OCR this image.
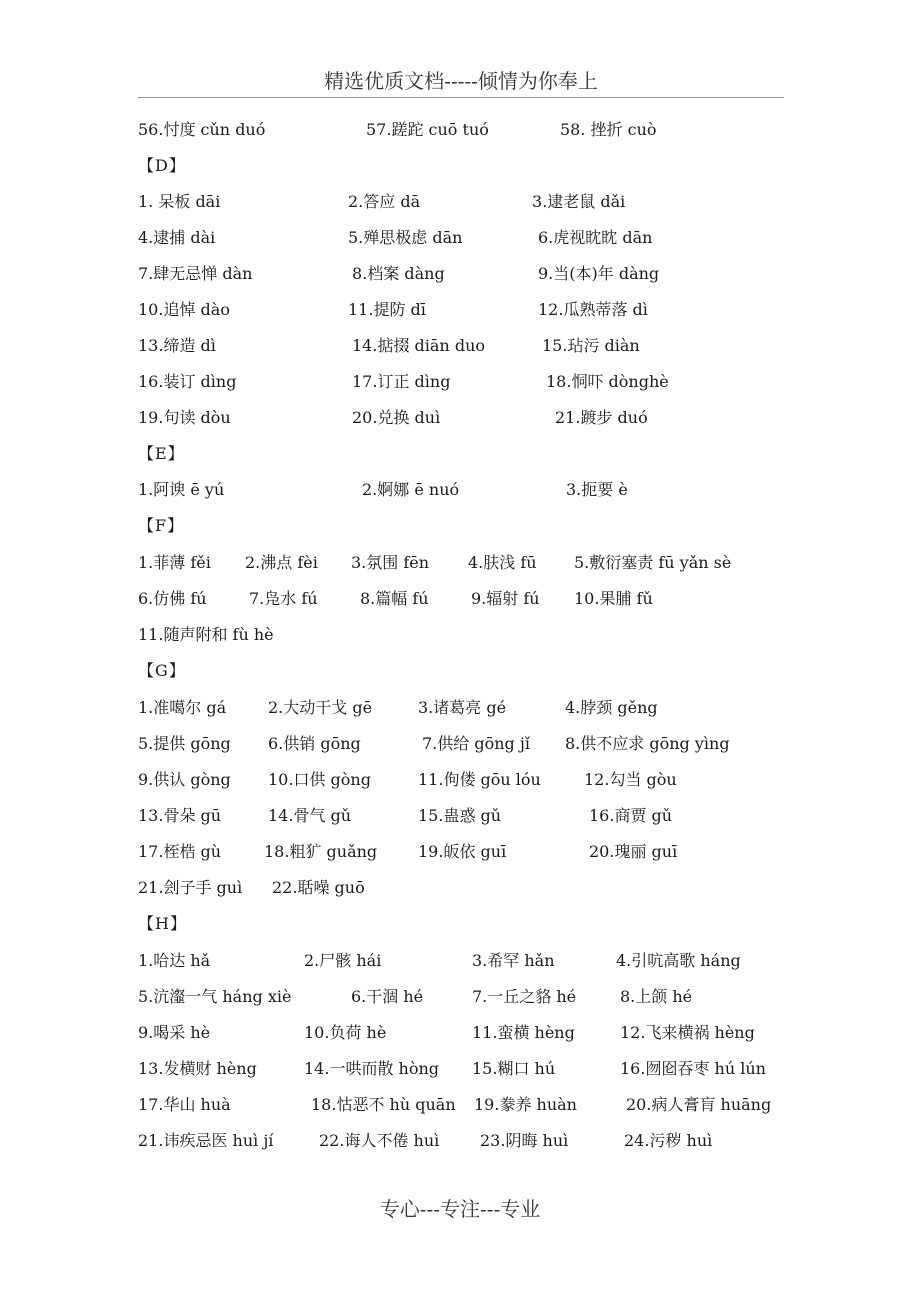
精选优质文档-----倾情为你奉上
56.忖度 cǔn duó	57.蹉跎 cuō tuó	58. 挫折 cuò
【D】
1. 呆板 dāi	2.答应 dā	3.逮老鼠 dǎi
4.逮捕 dài	5.殚思极虑 dān	6.虎视眈眈 dān
7.肆无忌惮 dàn	8.档案 dàng	9.当(本)年 dàng
10.追悼 dào	11.提防 dī	12.瓜熟蒂落 dì
13.缔造 dì	14.掂掇 diān duo	15.玷污 diàn
16.装订 dìng	17.订正 dìng	18.恫吓 dònghè
19.句读 dòu	20.兑换 duì	21.踱步 duó
【E】
1.阿谀 ē yú	2.婀娜 ē nuó	3.扼要 è
【F】
1.菲薄 fěi 2.沸点 fèi 3.氛围 fēn 4.肤浅 fū 5.敷衍塞责 fū yǎn sè
6.仿佛 fú	7.凫水 fú	8.篇幅 fú	9.辐射 fú 10.果脯 fǔ
11.随声附和 fù hè
【G】
1.准噶尔 gá	2.大动干戈 gē	3.诸葛亮 gé	4.脖颈 gěng
5.提供 gōng 6.供销 gōng	7.供给 gōng jǐ 8.供不应求 gōng yìng
9.供认 gòng 10.口供 gòng	11.佝偻 gōu lóu	12.勾当 gòu
13.骨朵 gū	14.骨气 gǔ	15.蛊惑 gǔ	16.商贾 gǔ
17.桎梏 gù	18.粗犷 guǎng	19.皈依 guī	20.瑰丽 guī
21.刽子手 guì 22.聒噪 guō
【H】
1.哈达 hǎ	2.尸骸 hái	3.希罕 hǎn	4.引吭高歌 háng
5.沆瀣一气 háng xiè	6.干涸 hé	7.一丘之貉 hé	8.上颌 hé
9.喝采 hè	10.负荷 hè	11.蛮横 hèng	12.飞来横祸 hèng
13.发横财 hèng	14.一哄而散 hòng 15.糊口 hú	16.囫囵吞枣 hú lún
17.华山 huà	18.怙恶不 hù quān 19.豢养 huàn	20.病人膏肓 huāng
21.讳疾忌医 huì jí	22.诲人不倦 huì	23.阴晦 huì	24.污秽 huì
专心---专注---专业
